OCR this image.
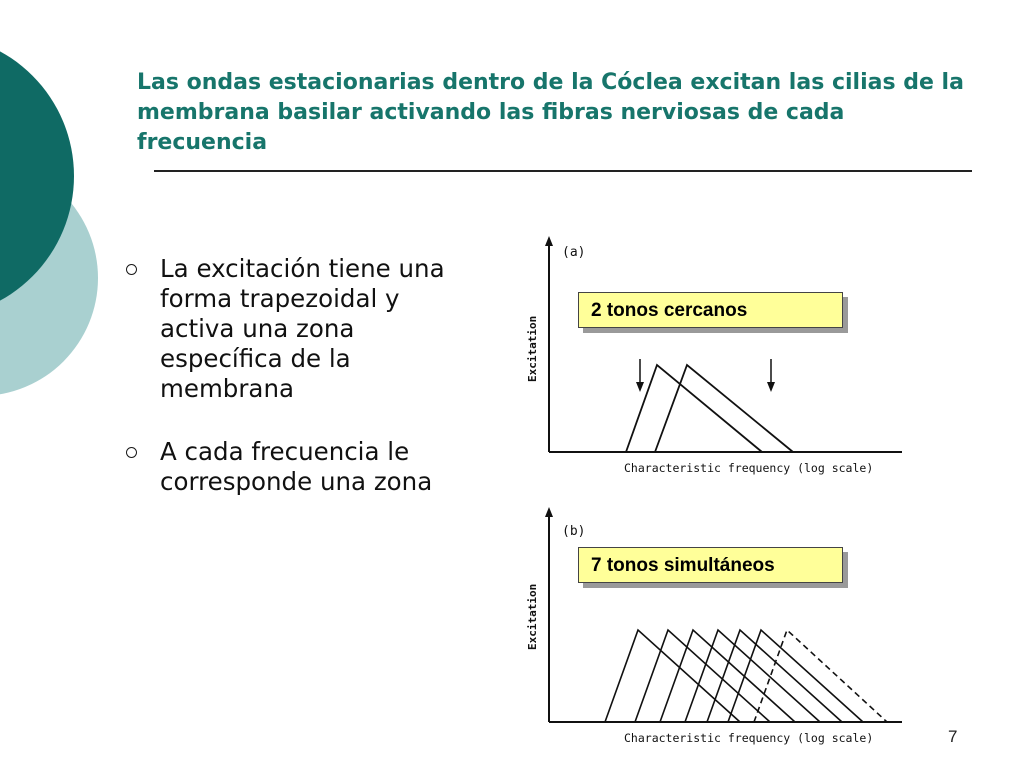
Las ondas estacionarias dentro de la Cóclea excitan las cilias de la membrana basilar activando las fibras nerviosas de cada frecuencia
La excitación tiene una forma trapezoidal y activa una zona específica de la membrana
A cada frecuencia le corresponde una zona
(a)
Excitation
Characteristic frequency (log scale)
(b)
Excitation
Characteristic frequency (log scale)
2 tonos cercanos
7 tonos simultáneos
7
